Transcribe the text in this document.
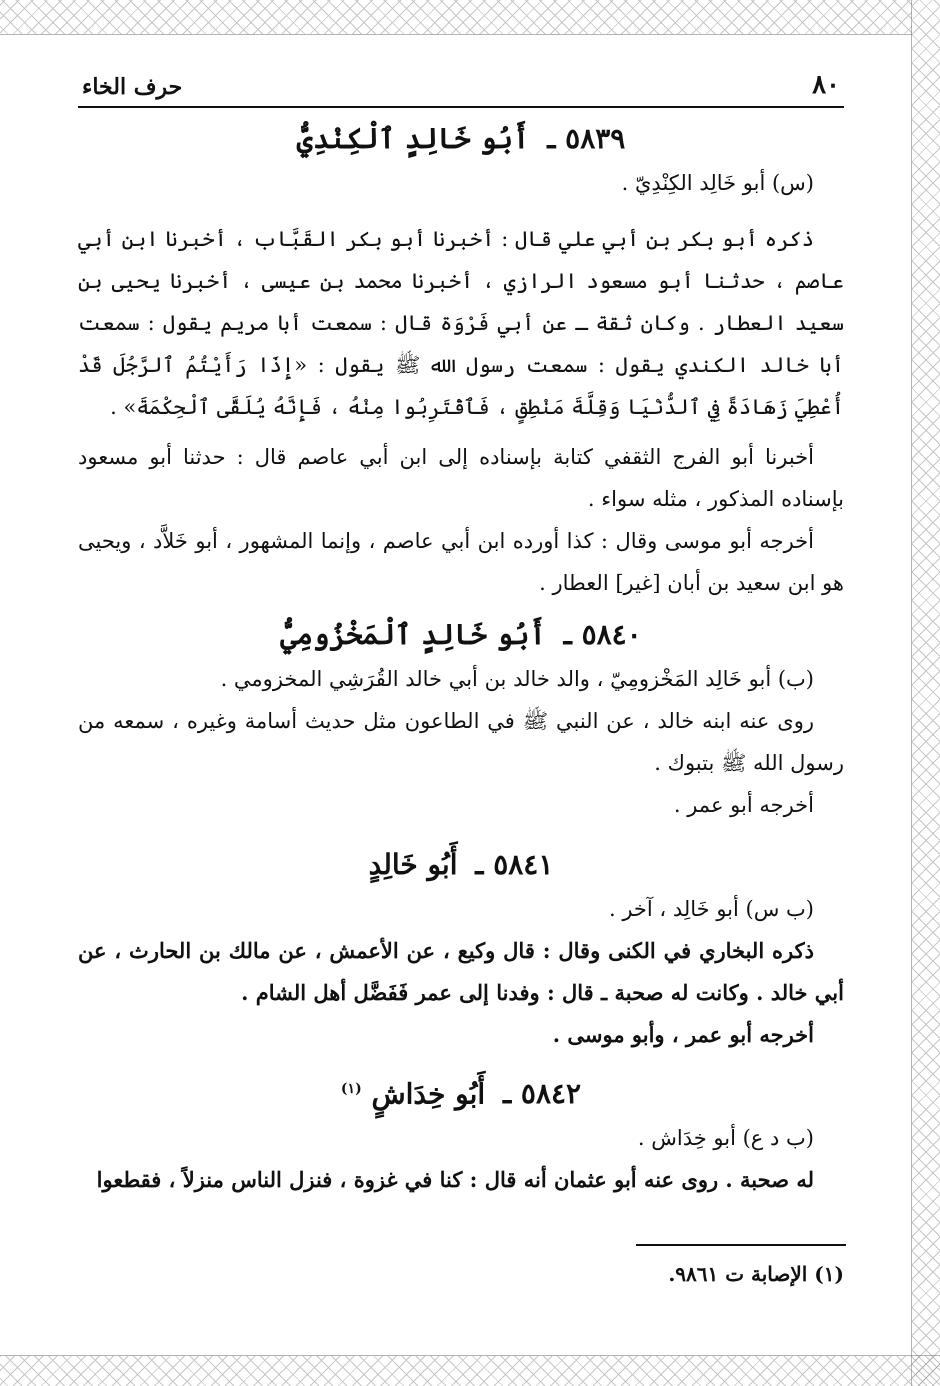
٨٠
حرف الخاء
٥٨٣٩ ـ أَبُو خَالِدٍ ٱلْكِنْدِيُّ

(س) أبو خَالِد الكِنْدِيّ .

ذكره أبو بكر بن أبي علي قال : أخبرنا أبو بكر القَبَّاب ، أخبرنا ابن أبي عاصم ، حدثنا أبو مسعود الرازي ، أخبرنا محمد بن عيسى ، أخبرنا يحيى بن سعيد العطار . وكان ثقة ـ عن أبي فَرْوَة قال : سمعت أبا مريم يقول : سمعت أبا خالد الكندي يقول : سمعت رسول الله ﷺ يقول : «إِذَا رَأَيْتُمُ ٱلرَّجُلَ قَدْ أُعْطِيَ زَهَادَةً فِي ٱلدُّنْيَا وَقِلَّةَ مَنْطِقٍ ، فَٱقْتَرِبُوا مِنْهُ ، فَإِنَّهُ يُلَقَّى ٱلْحِكْمَةَ» .

أخبرنا أبو الفرج الثقفي كتابة بإسناده إلى ابن أبي عاصم قال : حدثنا أبو مسعود بإسناده المذكور ، مثله سواء .

أخرجه أبو موسى وقال : كذا أورده ابن أبي عاصم ، وإنما المشهور ، أبو خَلاَّد ، ويحيى هو ابن سعيد بن أبان [غير] العطار .

٥٨٤٠ ـ أَبُو خَالِدٍ ٱلْمَخْزُومِيُّ

(ب) أبو خَالِد المَخْزومِيّ ، والد خالد بن أبي خالد القُرَشِي المخزومي .

روى عنه ابنه خالد ، عن النبي ﷺ في الطاعون مثل حديث أسامة وغيره ، سمعه من رسول الله ﷺ بتبوك .

أخرجه أبو عمر .

٥٨٤١ ـ أَبُو خَالِدٍ

(ب س) أبو خَالِد ، آخر .

ذكره البخاري في الكنى وقال : قال وكيع ، عن الأعمش ، عن مالك بن الحارث ، عن أبي خالد . وكانت له صحبة ـ قال : وفدنا إلى عمر فَفَضَّل أهل الشام .

أخرجه أبو عمر ، وأبو موسى .

٥٨٤٢ ـ أَبُو خِدَاشٍ $^{(١)}$

(ب د ع) أبو خِدَاش .

له صحبة . روى عنه أبو عثمان أنه قال : كنا في غزوة ، فنزل الناس منزلاً ، فقطعوا

(١) الإصابة ت ٩٨٦١.
